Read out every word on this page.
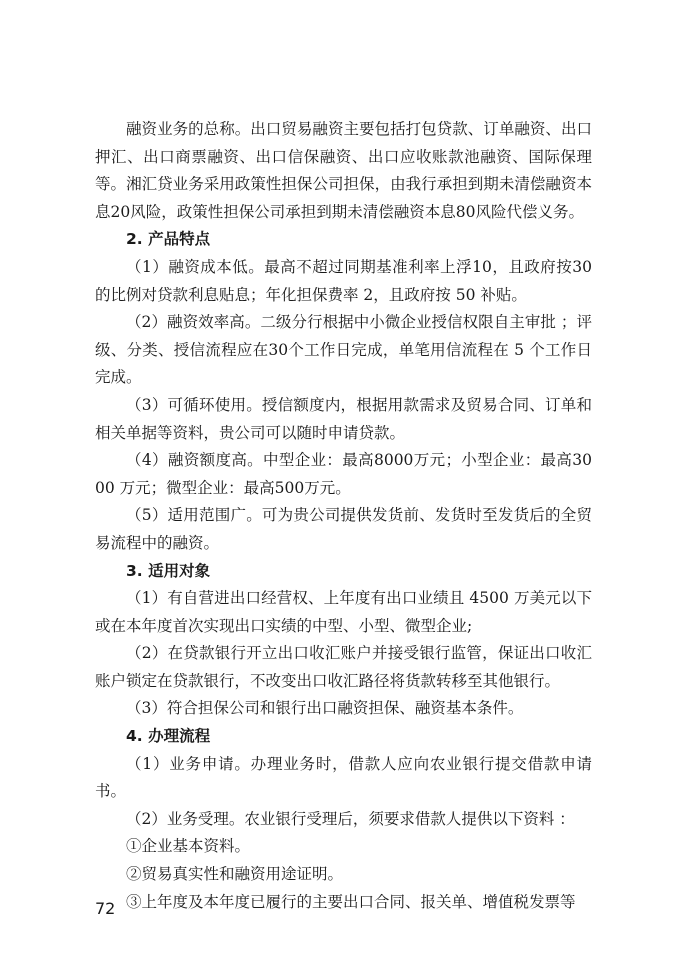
融资业务的总称。出口贸易融资主要包括打包贷款、订单融资、出口押汇、出口商票融资、出口信保融资、出口应收账款池融资、国际保理等。湘汇贷业务采用政策性担保公司担保，由我行承担到期未清偿融资本息20风险，政策性担保公司承担到期未清偿融资本息80风险代偿义务。

2. 产品特点

（1）融资成本低。最高不超过同期基准利率上浮10，且政府按30的比例对贷款利息贴息；年化担保费率 2，且政府按 50 补贴。

（2）融资效率高。二级分行根据中小微企业授信权限自主审批 ；评级、分类、授信流程应在30个工作日完成，单笔用信流程在 5 个工作日完成。

（3）可循环使用。授信额度内，根据用款需求及贸易合同、订单和相关单据等资料，贵公司可以随时申请贷款。

（4）融资额度高。中型企业：最高8000万元；小型企业：最高3000 万元；微型企业：最高500万元。

（5）适用范围广。可为贵公司提供发货前、发货时至发货后的全贸易流程中的融资。

3. 适用对象

（1）有自营进出口经营权、上年度有出口业绩且 4500 万美元以下或在本年度首次实现出口实绩的中型、小型、微型企业;

（2）在贷款银行开立出口收汇账户并接受银行监管，保证出口收汇账户锁定在贷款银行，不改变出口收汇路径将货款转移至其他银行。

（3）符合担保公司和银行出口融资担保、融资基本条件。

4. 办理流程

（1）业务申请。办理业务时，借款人应向农业银行提交借款申请书。

（2）业务受理。农业银行受理后，须要求借款人提供以下资料 ：

①企业基本资料。

②贸易真实性和融资用途证明。

③上年度及本年度已履行的主要出口合同、报关单、增值税发票等

72
